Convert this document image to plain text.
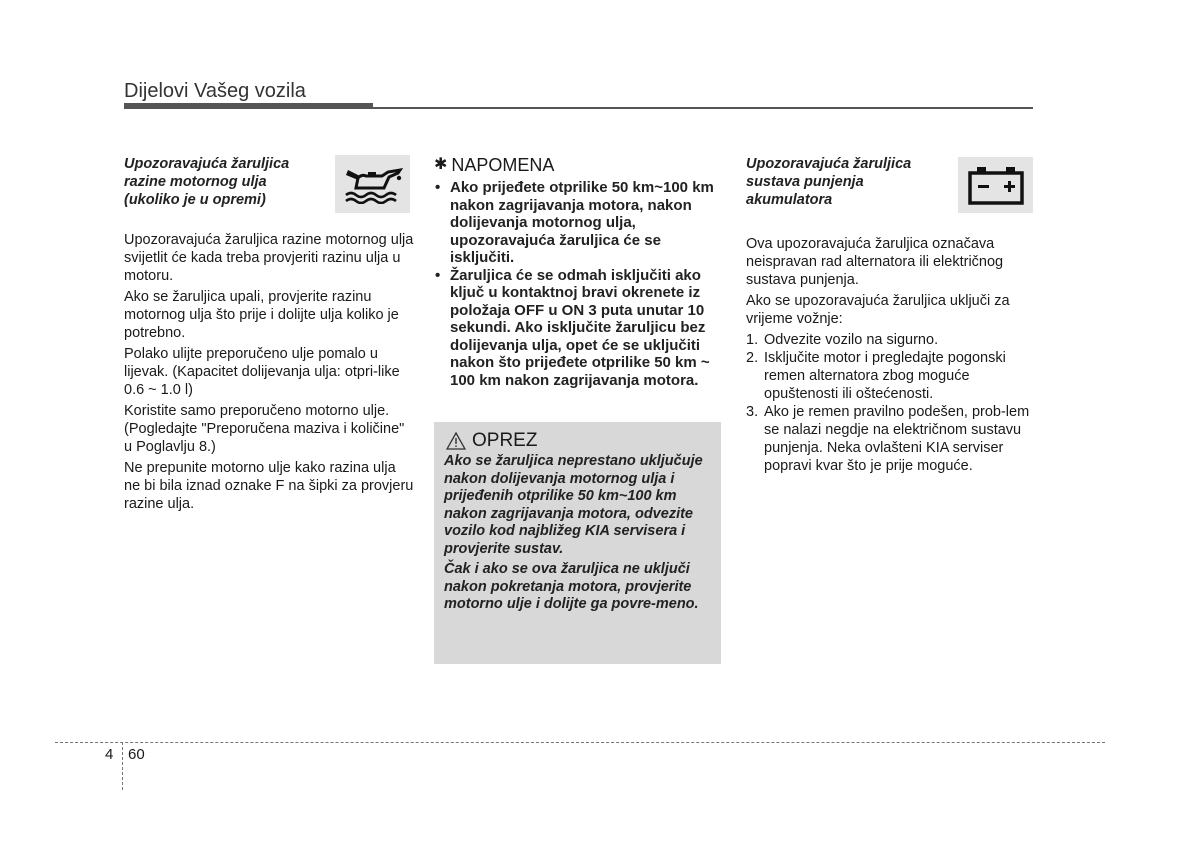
Dijelovi Vašeg vozila
Upozoravajuća žaruljica razine motornog ulja (ukoliko je u opremi)

Upozoravajuća žaruljica razine motornog ulja svijetlit će kada treba provjeriti razinu ulja u motoru.

Ako se žaruljica upali, provjerite razinu motornog ulja što prije i dolijte ulja koliko je potrebno.

Polako ulijte preporučeno ulje pomalo u lijevak. (Kapacitet dolijevanja ulja: otpri-like 0.6 ~ 1.0 l)

Koristite samo preporučeno motorno ulje. (Pogledajte "Preporučena maziva i količine" u Poglavlju 8.)

Ne prepunite motorno ulje kako razina ulja ne bi bila iznad oznake F na šipki za provjeru razine ulja.

✱ NAPOMENA
• Ako prijeđete otprilike 50 km~100 km nakon zagrijavanja motora, nakon dolijevanja motornog ulja, upozoravajuća žaruljica će se isključiti.
• Žaruljica će se odmah isključiti ako ključ u kontaktnoj bravi okrenete iz položaja OFF u ON 3 puta unutar 10 sekundi. Ako isključite žaruljicu bez dolijevanja ulja, opet će se uključiti nakon što prijeđete otprilike 50 km ~ 100 km nakon zagrijavanja motora.
OPREZ

Ako se žaruljica neprestano uključuje nakon dolijevanja motornog ulja i prijeđenih otprilike 50 km~100 km nakon zagrijavanja motora, odvezite vozilo kod najbližeg KIA servisera i provjerite sustav.

Čak i ako se ova žaruljica ne uključi nakon pokretanja motora, provjerite motorno ulje i dolijte ga povre-meno.

Upozoravajuća žaruljica sustava punjenja akumulatora

Ova upozoravajuća žaruljica označava neispravan rad alternatora ili električnog sustava punjenja.

Ako se upozoravajuća žaruljica uključi za vrijeme vožnje:

1. Odvezite vozilo na sigurno.
2. Isključite motor i pregledajte pogonski remen alternatora zbog moguće opuštenosti ili oštećenosti.
3. Ako je remen pravilno podešen, prob-lem se nalazi negdje na električnom sustavu punjenja. Neka ovlašteni KIA serviser popravi kvar što je prije moguće.
4 60
